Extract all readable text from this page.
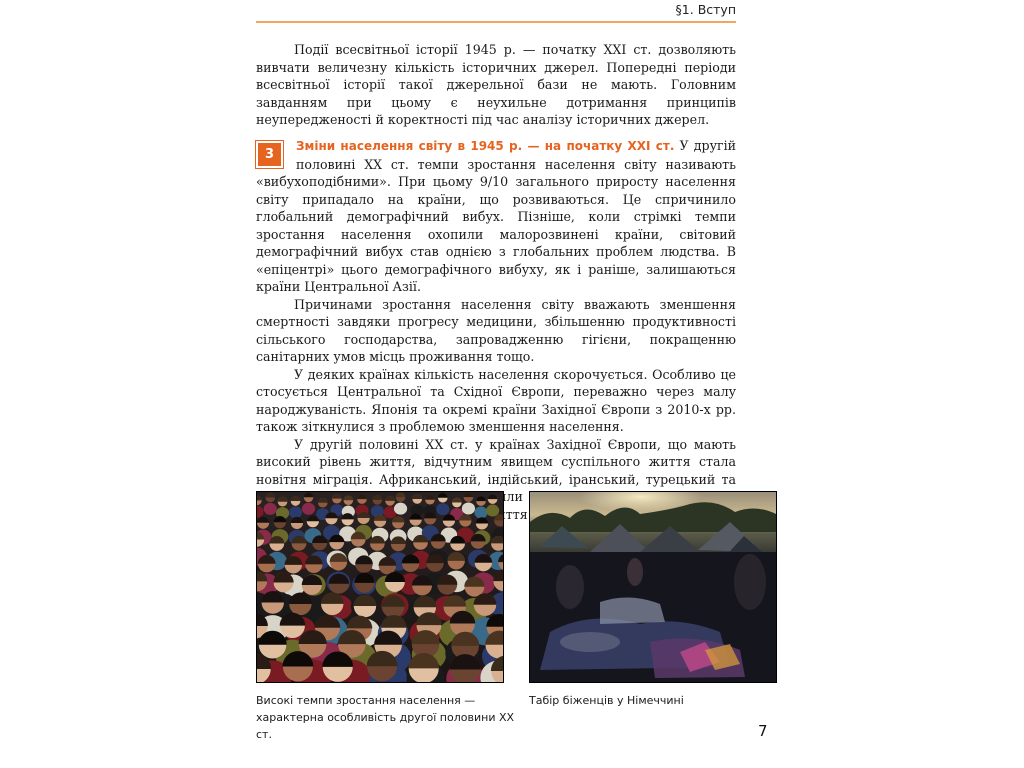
§1. Вступ

Події всесвітньої історії 1945 р. — початку XXI ст. дозволяють вивчати величезну кількість історичних джерел. Попередні періоди всесвітньої історії такої джерельної бази не мають. Головним завданням при цьому є неухильне дотримання принципів неупередженості й коректності під час аналізу історичних джерел.

3
Зміни населення світу в 1945 р. — на початку XXI ст. У другій половині XX ст. темпи зростання населення світу називають «вибухоподібними». При цьому 9/10 загального приросту населення світу припадало на країни, що розвиваються. Це спричинило глобальний демографічний вибух. Пізніше, коли стрімкі темпи зростання населення охопили малорозвинені країни, світовий демографічний вибух став однією з глобальних проблем людства. В «епіцентрі» цього демографічного вибуху, як і раніше, залишаються країни Центральної Азії.

Причинами зростання населення світу вважають зменшення смертності завдяки прогресу медицини, збільшенню продуктивності сільського господарства, запровадженню гігієни, покращенню санітарних умов місць проживання тощо.

У деяких країнах кількість населення скорочується. Особливо це стосується Центральної та Східної Європи, переважно через малу народжуваність. Японія та окремі країни Західної Європи з 2010-х рр. також зіткнулися з проблемою зменшення населення.

У другій половині XX ст. у країнах Західної Європи, що мають високий рівень життя, відчутним явищем суспільного життя стала новітня міграція. Африканський, індійський, іранський, турецький та життя

Високі темпи зростання населення — характерна особливість другої половини XX ст.
Табір біженців у Німеччині
7
